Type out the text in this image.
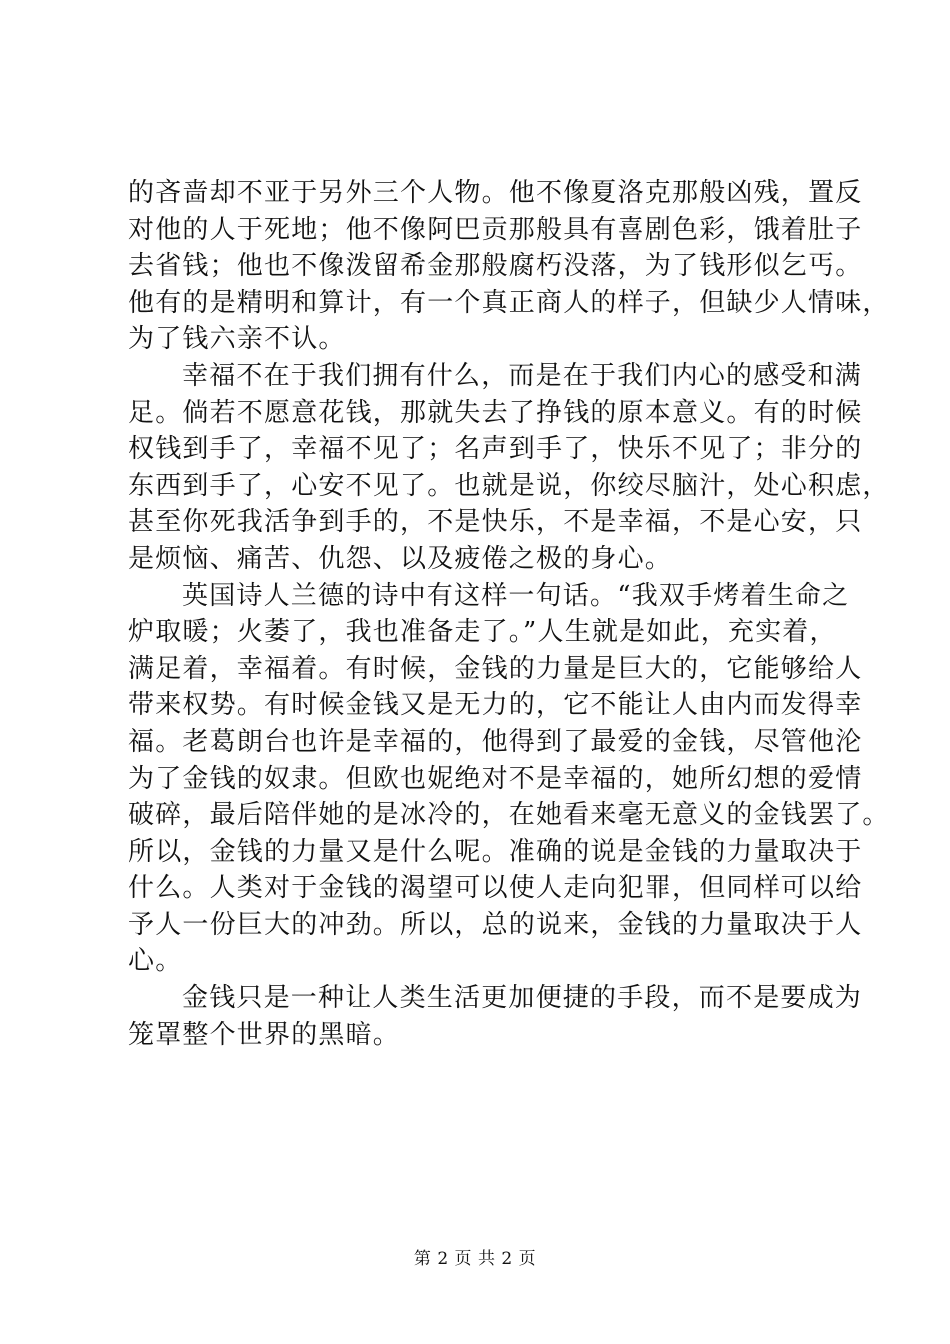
的吝啬却不亚于另外三个人物。他不像夏洛克那般凶残，置反
对他的人于死地；他不像阿巴贡那般具有喜剧色彩，饿着肚子
去省钱；他也不像泼留希金那般腐朽没落，为了钱形似乞丐。
他有的是精明和算计，有一个真正商人的样子，但缺少人情味，
为了钱六亲不认。
幸福不在于我们拥有什么，而是在于我们内心的感受和满
足。倘若不愿意花钱，那就失去了挣钱的原本意义。有的时候
权钱到手了，幸福不见了；名声到手了，快乐不见了；非分的
东西到手了，心安不见了。也就是说，你绞尽脑汁，处心积虑，
甚至你死我活争到手的，不是快乐，不是幸福，不是心安，只
是烦恼、痛苦、仇怨、以及疲倦之极的身心。
英国诗人兰德的诗中有这样一句话。“我双手烤着生命之
炉取暖；火萎了，我也准备走了。”人生就是如此，充实着，
满足着，幸福着。有时候，金钱的力量是巨大的，它能够给人
带来权势。有时候金钱又是无力的，它不能让人由内而发得幸
福。老葛朗台也许是幸福的，他得到了最爱的金钱，尽管他沦
为了金钱的奴隶。但欧也妮绝对不是幸福的，她所幻想的爱情
破碎，最后陪伴她的是冰冷的，在她看来毫无意义的金钱罢了。
所以，金钱的力量又是什么呢。准确的说是金钱的力量取决于
什么。人类对于金钱的渴望可以使人走向犯罪，但同样可以给
予人一份巨大的冲劲。所以，总的说来，金钱的力量取决于人
心。
金钱只是一种让人类生活更加便捷的手段，而不是要成为
笼罩整个世界的黑暗。
第 2 页 共 2 页
